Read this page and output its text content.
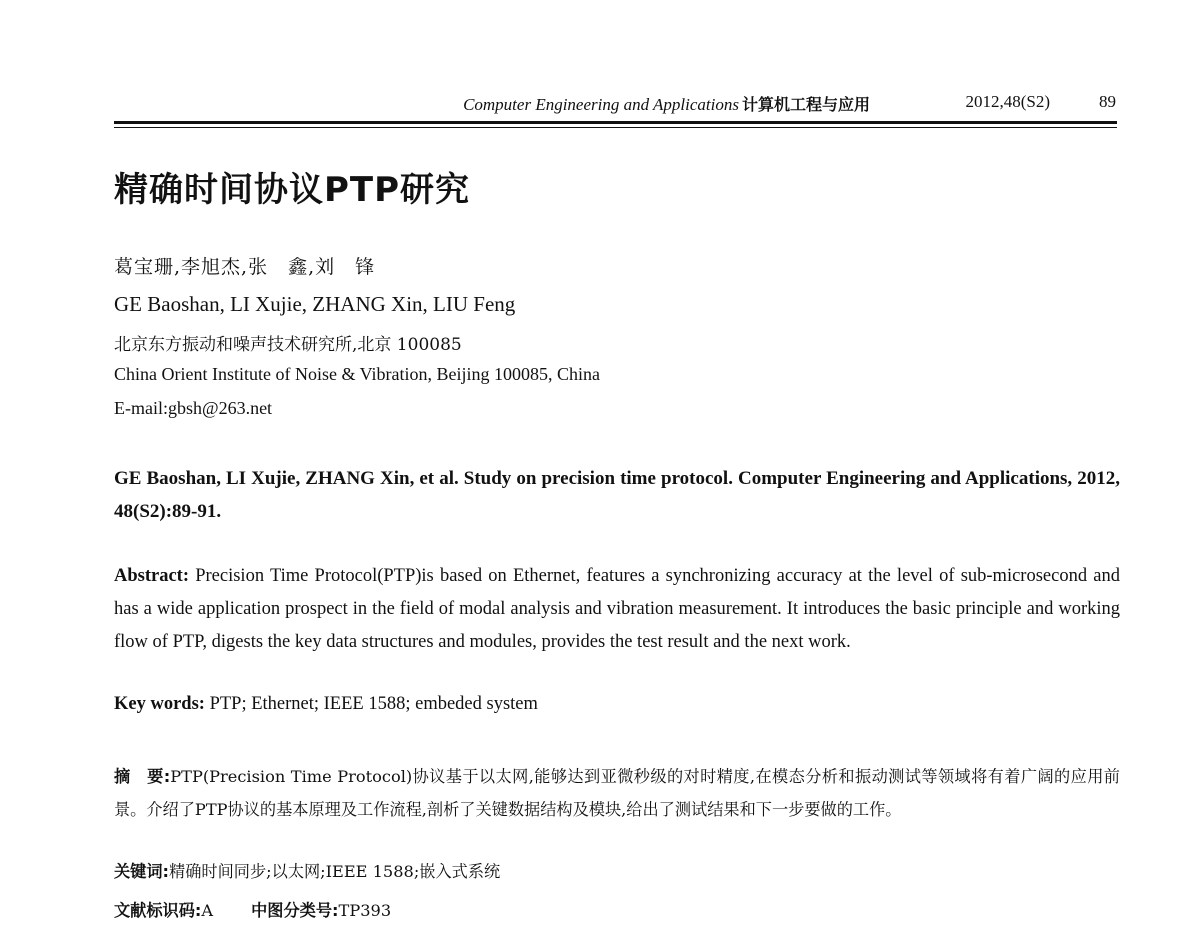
Computer Engineering and Applications 计算机工程与应用	2012,48(S2)	89
精确时间协议PTP研究
葛宝珊,李旭杰,张　鑫,刘　锋
GE Baoshan, LI Xujie, ZHANG Xin, LIU Feng
北京东方振动和噪声技术研究所,北京 100085
China Orient Institute of Noise & Vibration, Beijing 100085, China
E-mail:gbsh@263.net
GE Baoshan, LI Xujie, ZHANG Xin, et al. Study on precision time protocol. Computer Engineering and Applications, 2012, 48(S2):89-91.
Abstract: Precision Time Protocol(PTP)is based on Ethernet, features a synchronizing accuracy at the level of sub-microsecond and has a wide application prospect in the field of modal analysis and vibration measurement. It introduces the basic principle and working flow of PTP, digests the key data structures and modules, provides the test result and the next work.
Key words: PTP; Ethernet; IEEE 1588; embeded system
摘　要:PTP(Precision Time Protocol)协议基于以太网,能够达到亚微秒级的对时精度,在模态分析和振动测试等领域将有着广阔的应用前景。介绍了PTP协议的基本原理及工作流程,剖析了关键数据结构及模块,给出了测试结果和下一步要做的工作。
关键词:精确时间同步;以太网;IEEE 1588;嵌入式系统
文献标识码:A 中图分类号:TP393
